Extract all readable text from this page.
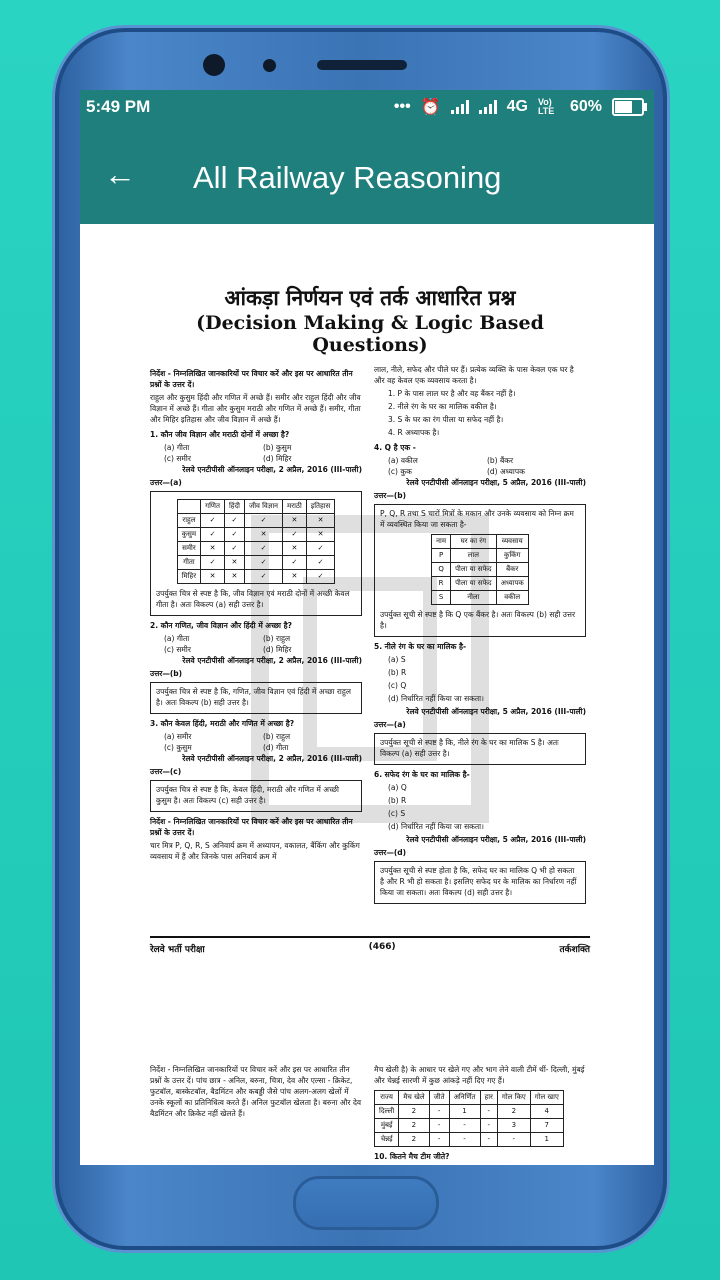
5:49 PM	••• ⏰	4G Vo) LTE 60%
← All Railway Reasoning

आंकड़ा निर्णयन एवं तर्क आधारित प्रश्न

(Decision Making & Logic Based Questions)

निर्देश - निम्नलिखित जानकारियों पर विचार करें और इस पर आधारित तीन प्रश्नों के उत्तर दें।

राहुल और कुसुम हिंदी और गणित में अच्छे हैं। समीर और राहुल हिंदी और जीव विज्ञान में अच्छे हैं। गीता और कुसुम मराठी और गणित में अच्छे हैं। समीर, गीता और मिहिर इतिहास और जीव विज्ञान में अच्छे हैं।

1. कौन जीव विज्ञान और मराठी दोनों में अच्छा है?

(a) गीता	(b) कुसुम
(c) समीर	(d) मिहिर

रेलवे एनटीपीसी ऑनलाइन परीक्षा, 2 अप्रैल, 2016 (III-पाली)

उत्तर—(a)

	गणित	हिंदी	जीव विज्ञान	मराठी	इतिहास
राहुल	✓	✓	✓	✕	✕
कुसुम	✓	✓	✕	✓	✕
समीर	✕	✓	✓	✕	✓
गीता	✓	✕	✓	✓	✓
मिहिर	✕	✕	✓	✕	✓

उपर्युक्त चित्र से स्पष्ट है कि, जीव विज्ञान एवं मराठी दोनों में अच्छी केवल गीता है। अतः विकल्प (a) सही उत्तर है।

2. कौन गणित, जीव विज्ञान और हिंदी में अच्छा है?

(a) गीता	(b) राहुल
(c) समीर	(d) मिहिर

रेलवे एनटीपीसी ऑनलाइन परीक्षा, 2 अप्रैल, 2016 (III-पाली)

उत्तर—(b)

उपर्युक्त चित्र से स्पष्ट है कि, गणित, जीव विज्ञान एवं हिंदी में अच्छा राहुल है। अतः विकल्प (b) सही उत्तर है।

3. कौन केवल हिंदी, मराठी और गणित में अच्छा है?

(a) समीर	(b) राहुल
(c) कुसुम	(d) गीता

रेलवे एनटीपीसी ऑनलाइन परीक्षा, 2 अप्रैल, 2016 (III-पाली)

उत्तर—(c)

उपर्युक्त चित्र से स्पष्ट है कि, केवल हिंदी, मराठी और गणित में अच्छी कुसुम है। अतः विकल्प (c) सही उत्तर है।

निर्देश - निम्नलिखित जानकारियों पर विचार करें और इस पर आधारित तीन प्रश्नों के उत्तर दें।

चार मित्र P, Q, R, S अनिवार्य क्रम में अध्यापन, वकालत, बैंकिंग और कुकिंग व्यवसाय में हैं और जिनके पास अनिवार्य क्रम में

लाल, नीले, सफेद और पीले घर हैं। प्रत्येक व्यक्ति के पास केवल एक घर है और वह केवल एक व्यवसाय करता है।

1. P के पास लाल घर है और वह बैंकर नहीं है।

2. नीले रंग के घर का मालिक वकील है।

3. S के घर का रंग पीला या सफेद नहीं है।

4. R अध्यापक है।

4. Q है एक -

(a) वकील	(b) बैंकर
(c) कुक	(d) अध्यापक

रेलवे एनटीपीसी ऑनलाइन परीक्षा, 5 अप्रैल, 2016 (III-पाली)

उत्तर—(b)

P, Q, R तथा S चारों मित्रों के मकान और उनके व्यवसाय को निम्न क्रम में व्यवस्थित किया जा सकता है-

नाम	घर का रंग	व्यवसाय
P	लाल	कुकिंग
Q	पीला या सफेद	बैंकर
R	पीला या सफेद	अध्यापक
S	नीला	वकील

उपर्युक्त सूची से स्पष्ट है कि Q एक बैंकर है। अतः विकल्प (b) सही उत्तर है।

5. नीले रंग के घर का मालिक है-

(a) S

(b) R

(c) Q

(d) निर्धारित नहीं किया जा सकता।

रेलवे एनटीपीसी ऑनलाइन परीक्षा, 5 अप्रैल, 2016 (III-पाली)

उत्तर—(a)

उपर्युक्त सूची से स्पष्ट है कि, नीले रंग के घर का मालिक S है। अतः विकल्प (a) सही उत्तर है।

6. सफेद रंग के घर का मालिक है-

(a) Q

(b) R

(c) S

(d) निर्धारित नहीं किया जा सकता।

रेलवे एनटीपीसी ऑनलाइन परीक्षा, 5 अप्रैल, 2016 (III-पाली)

उत्तर—(d)

उपर्युक्त सूची से स्पष्ट होता है कि, सफेद घर का मालिक Q भी हो सकता है और R भी हो सकता है। इसलिए सफेद घर के मालिक का निर्धारण नहीं किया जा सकता। अतः विकल्प (d) सही उत्तर है।

रेलवे भर्ती परीक्षा	(466)	तर्कशक्ति

निर्देश - निम्नलिखित जानकारियों पर विचार करें और इस पर आधारित तीन प्रश्नों के उत्तर दें। पांच छात्र - अनिल, बरुना, चित्रा, देव और एल्सा - क्रिकेट, फुटबॉल, बास्केटबॉल, बैडमिंटन और कबड्डी जैसे पांच अलग-अलग खेलों में उनके स्कूलों का प्रतिनिधित्व करते हैं। अनिल फुटबॉल खेलता है। बरुना और देव बैडमिंटन और क्रिकेट नहीं खेलते हैं।

मैच खेली है) के आधार पर खेले गए और भाग लेने वाली टीमें थीं- दिल्ली, मुंबई और चेन्नई सारणी में कुछ आंकड़े नहीं दिए गए हैं।

राज्य	मैच खेले	जीते	अनिर्णित	हार	गोल किए	गोल खाए
दिल्ली	2	-	1	-	2	4
मुंबई	2	-	-	-	3	7
चेन्नई	2	-	-	-	-	1

10. कितने मैच टीम जीते?
